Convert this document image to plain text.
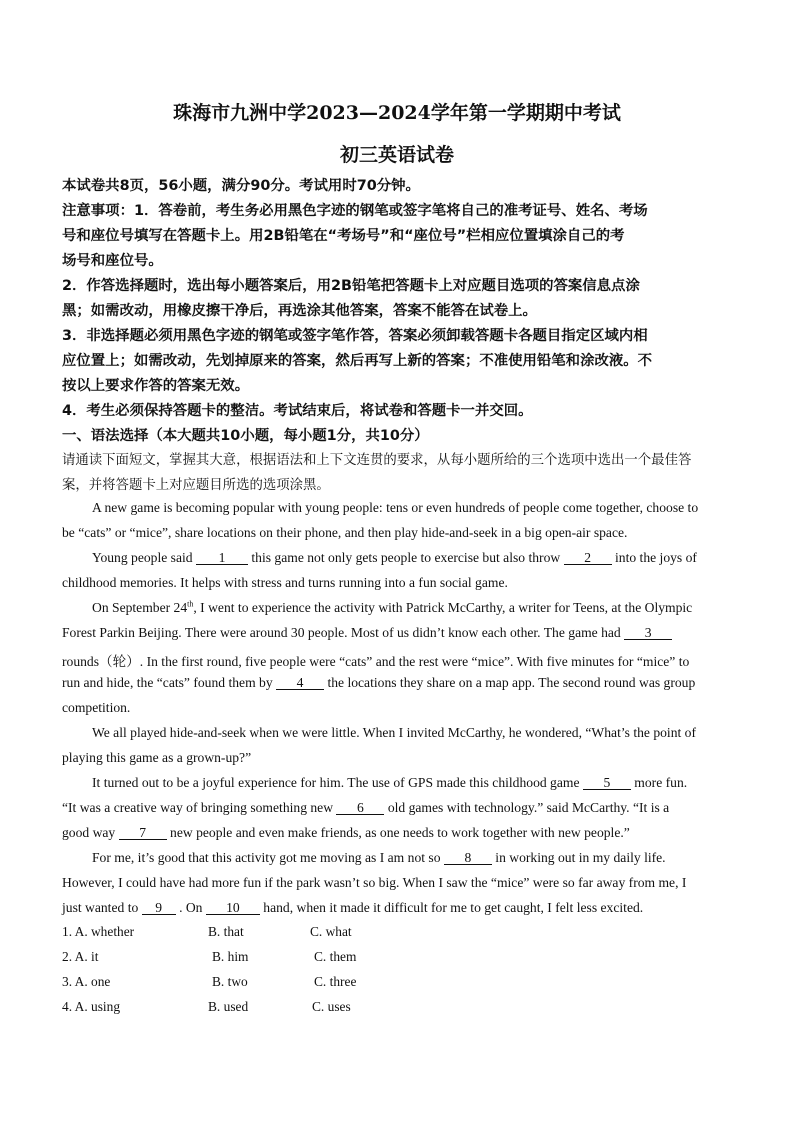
珠海市九洲中学2023—2024学年第一学期期中考试
初三英语试卷
本试卷共8页，56小题，满分90分。考试用时70分钟。
注意事项：1．答卷前，考生务必用黑色字迹的钢笔或签字笔将自己的准考证号、姓名、考场
号和座位号填写在答题卡上。用2B铅笔在“考场号”和“座位号”栏相应位置填涂自己的考
场号和座位号。
2．作答选择题时，选出每小题答案后，用2B铅笔把答题卡上对应题目选项的答案信息点涂
黑；如需改动，用橡皮擦干净后，再选涂其他答案，答案不能答在试卷上。
3．非选择题必须用黑色字迹的钢笔或签字笔作答，答案必须卸载答题卡各题目指定区域内相
应位置上；如需改动，先划掉原来的答案，然后再写上新的答案；不准使用铅笔和涂改液。不
按以上要求作答的答案无效。
4．考生必须保持答题卡的整洁。考试结束后，将试卷和答题卡一并交回。
一、语法选择（本大题共10小题，每小题1分，共10分）
请通读下面短文，掌握其大意，根据语法和上下文连贯的要求，从每小题所给的三个选项中选出一个最佳答
案，并将答题卡上对应题目所选的选项涂黑。
A new game is becoming popular with young people: tens or even hundreds of people come together, choose to
be “cats” or “mice”, share locations on their phone, and then play hide-and-seek in a big open-air space.
Young people said 1 this game not only gets people to exercise but also throw 2 into the joys of
childhood memories. It helps with stress and turns running into a fun social game.
On September 24th, I went to experience the activity with Patrick McCarthy, a writer for Teens, at the Olympic
Forest Parkin Beijing. There were around 30 people. Most of us didn’t know each other. The game had 3
rounds（轮）. In the first round, five people were “cats” and the rest were “mice”. With five minutes for “mice” to
run and hide, the “cats” found them by 4 the locations they share on a map app. The second round was group
competition.
We all played hide-and-seek when we were little. When I invited McCarthy, he wondered, “What’s the point of
playing this game as a grown-up?”
It turned out to be a joyful experience for him. The use of GPS made this childhood game 5 more fun.
“It was a creative way of bringing something new 6 old games with technology.” said McCarthy. “It is a
good way 7 new people and even make friends, as one needs to work together with new people.”
For me, it’s good that this activity got me moving as I am not so 8 in working out in my daily life.
However, I could have had more fun if the park wasn’t so big. When I saw the “mice” were so far away from me, I
just wanted to 9 . On 10 hand, when it made it difficult for me to get caught, I felt less excited.
1. A. whether	B. that	C. what
2. A. it	B. him	C. them
3. A. one	B. two	C. three
4. A. using	B. used	C. uses
